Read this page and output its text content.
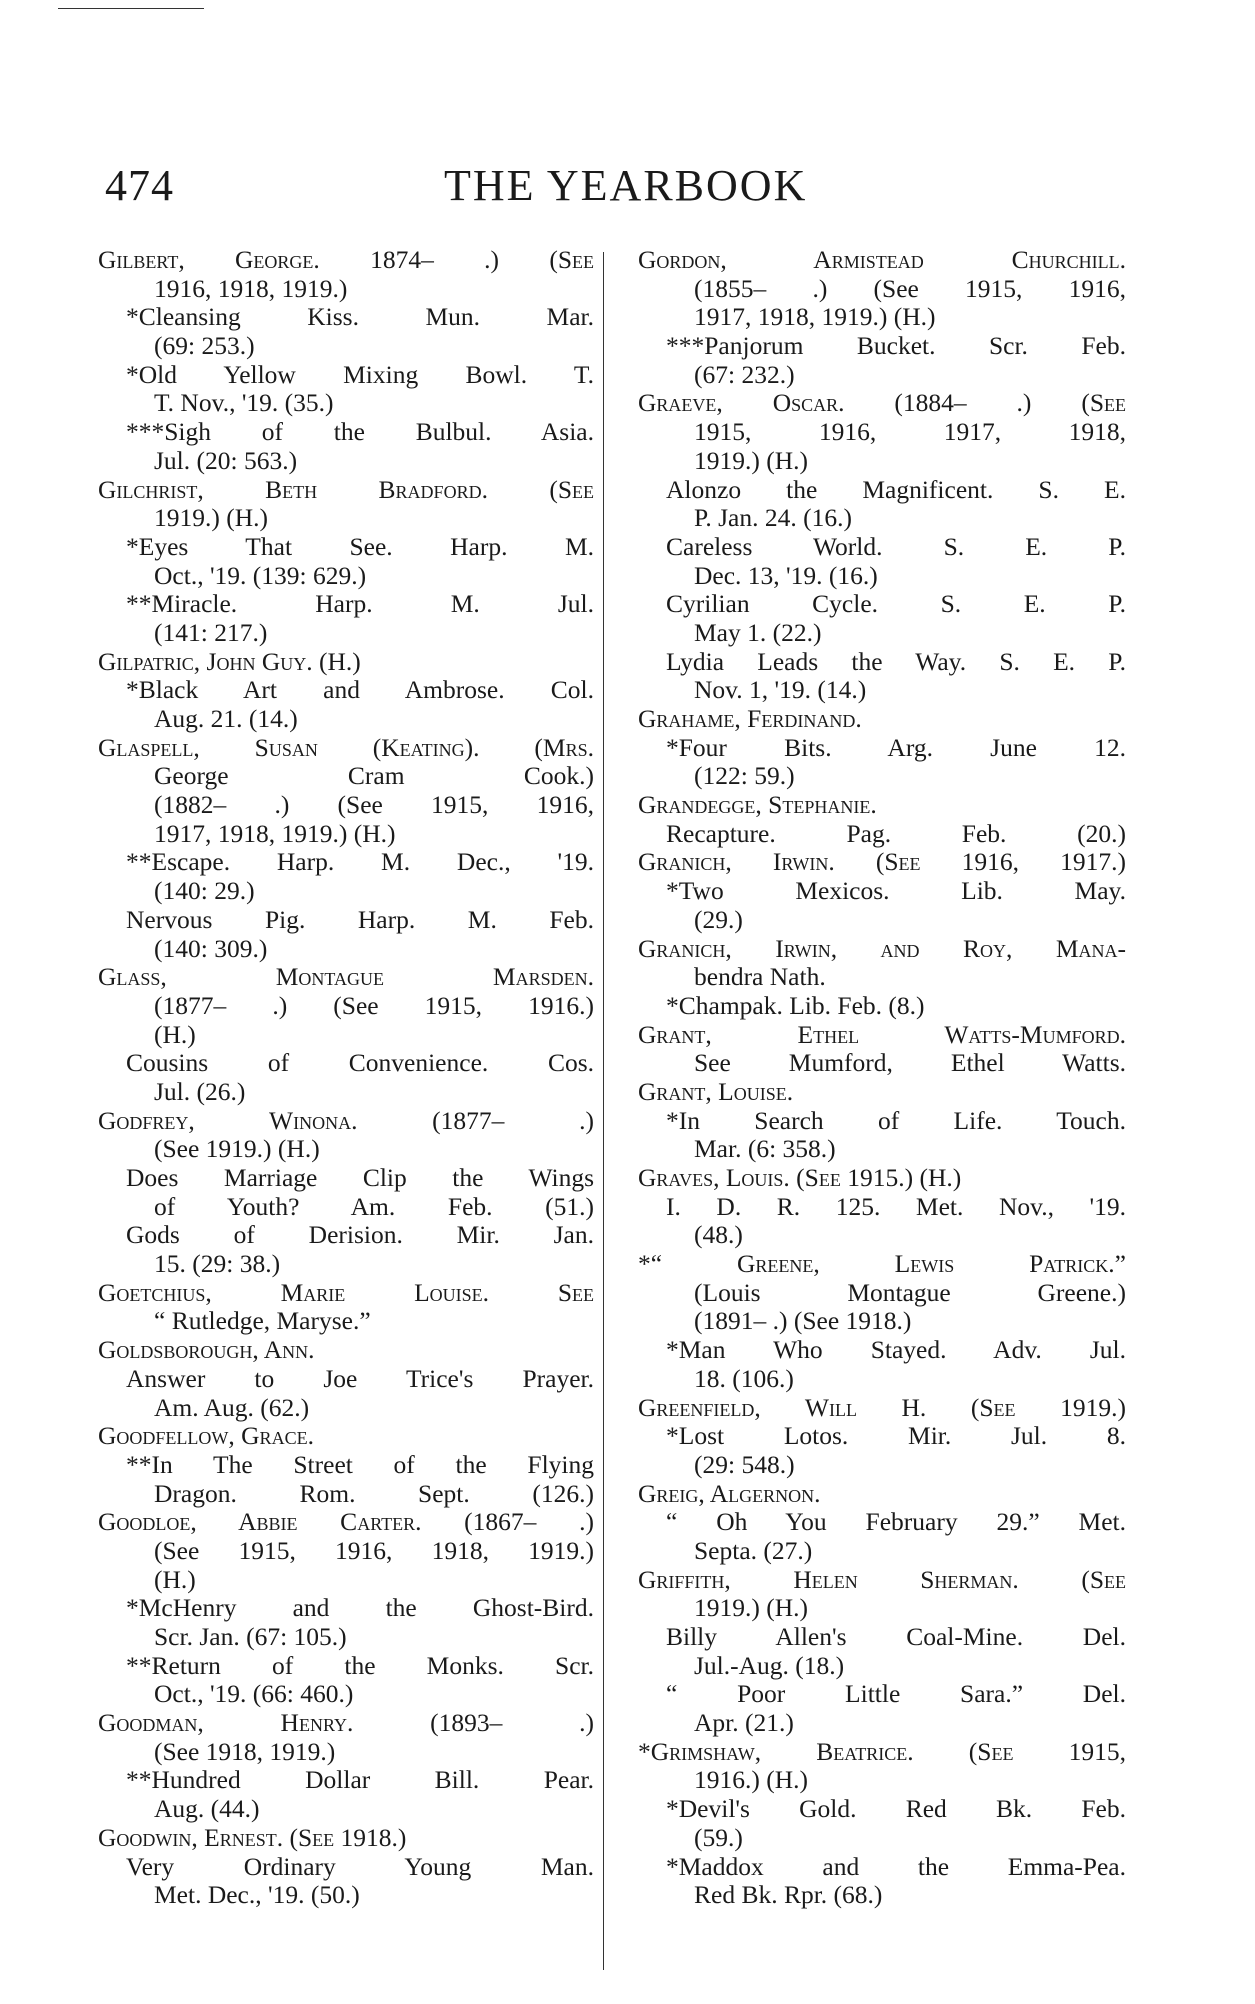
474	THE YEARBOOK
Gilbert, George. 1874– .) (See
1916, 1918, 1919.)
*Cleansing Kiss. Mun. Mar.
(69: 253.)
*Old Yellow Mixing Bowl. T.
T. Nov., '19. (35.)
***Sigh of the Bulbul. Asia.
Jul. (20: 563.)
Gilchrist, Beth Bradford. (See
1919.) (H.)
*Eyes That See. Harp. M.
Oct., '19. (139: 629.)
**Miracle. Harp. M. Jul.
(141: 217.)
Gilpatric, John Guy. (H.)
*Black Art and Ambrose. Col.
Aug. 21. (14.)
Glaspell, Susan (Keating). (Mrs.
George Cram Cook.)
(1882– .) (See 1915, 1916,
1917, 1918, 1919.) (H.)
**Escape. Harp. M. Dec., '19.
(140: 29.)
Nervous Pig. Harp. M. Feb.
(140: 309.)
Glass, Montague Marsden.
(1877– .) (See 1915, 1916.)
(H.)
Cousins of Convenience. Cos.
Jul. (26.)
Godfrey, Winona. (1877– .)
(See 1919.) (H.)
Does Marriage Clip the Wings
of Youth? Am. Feb. (51.)
Gods of Derision. Mir. Jan.
15. (29: 38.)
Goetchius, Marie Louise. See
“ Rutledge, Maryse.”
Goldsborough, Ann.
Answer to Joe Trice's Prayer.
Am. Aug. (62.)
Goodfellow, Grace.
**In The Street of the Flying
Dragon. Rom. Sept. (126.)
Goodloe, Abbie Carter. (1867– .)
(See 1915, 1916, 1918, 1919.)
(H.)
*McHenry and the Ghost-Bird.
Scr. Jan. (67: 105.)
**Return of the Monks. Scr.
Oct., '19. (66: 460.)
Goodman, Henry. (1893– .)
(See 1918, 1919.)
**Hundred Dollar Bill. Pear.
Aug. (44.)
Goodwin, Ernest. (See 1918.)
Very Ordinary Young Man.
Met. Dec., '19. (50.)
Gordon, Armistead Churchill.
(1855– .) (See 1915, 1916,
1917, 1918, 1919.) (H.)
***Panjorum Bucket. Scr. Feb.
(67: 232.)
Graeve, Oscar. (1884– .) (See
1915, 1916, 1917, 1918,
1919.) (H.)
Alonzo the Magnificent. S. E.
P. Jan. 24. (16.)
Careless World. S. E. P.
Dec. 13, '19. (16.)
Cyrilian Cycle. S. E. P.
May 1. (22.)
Lydia Leads the Way. S. E. P.
Nov. 1, '19. (14.)
Grahame, Ferdinand.
*Four Bits. Arg. June 12.
(122: 59.)
Grandegge, Stephanie.
Recapture. Pag. Feb. (20.)
Granich, Irwin. (See 1916, 1917.)
*Two Mexicos. Lib. May.
(29.)
Granich, Irwin, and Roy, Mana-
bendra Nath.
*Champak. Lib. Feb. (8.)
Grant, Ethel Watts-Mumford.
See Mumford, Ethel Watts.
Grant, Louise.
*In Search of Life. Touch.
Mar. (6: 358.)
Graves, Louis. (See 1915.) (H.)
I. D. R. 125. Met. Nov., '19.
(48.)
*“ Greene, Lewis Patrick.”
(Louis Montague Greene.)
(1891– .) (See 1918.)
*Man Who Stayed. Adv. Jul.
18. (106.)
Greenfield, Will H. (See 1919.)
*Lost Lotos. Mir. Jul. 8.
(29: 548.)
Greig, Algernon.
“ Oh You February 29.” Met.
Septa. (27.)
Griffith, Helen Sherman. (See
1919.) (H.)
Billy Allen's Coal-Mine. Del.
Jul.-Aug. (18.)
“ Poor Little Sara.” Del.
Apr. (21.)
*Grimshaw, Beatrice. (See 1915,
1916.) (H.)
*Devil's Gold. Red Bk. Feb.
(59.)
*Maddox and the Emma-Pea.
Red Bk. Rpr. (68.)
